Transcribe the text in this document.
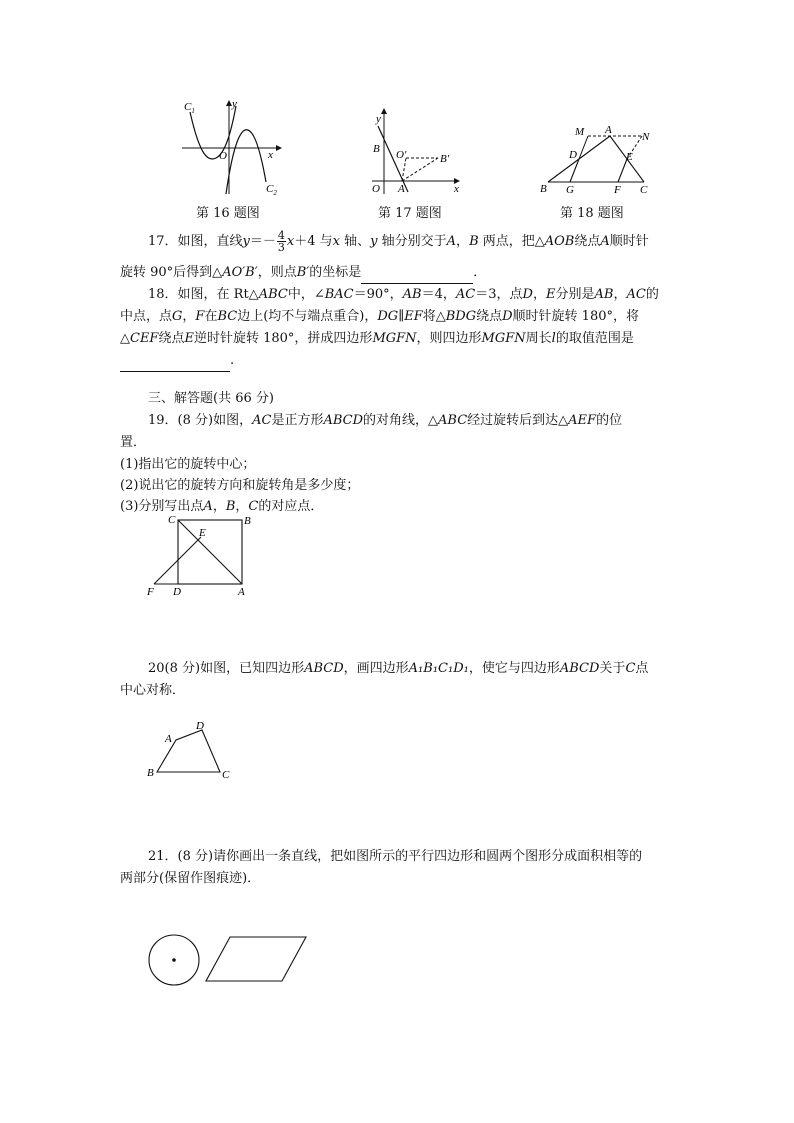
$C_1$
y
x
O
$C_2$
第 16 题图
y
x
O
B
A
O′	B′
第 17 题图
M A
N
D	E
B G	F C
第 18 题图
17．如图，直线$y=- \frac{4}{3} x+4$ 与x 轴、y 轴分别交于A，B 两点，把△AOB绕点A顺时针
旋转 90°后得到△AO′B′，则点B′的坐标是	．
18．如图，在 Rt△ABC中，∠BAC＝90°，AB＝4，AC＝3，点D，E分别是AB，AC的
中点，点G，F在BC边上(均不与端点重合)，DG∥EF将△BDG绕点D顺时针旋转 180°，将
△CEF绕点E逆时针旋转 180°，拼成四边形MGFN，则四边形MGFN周长l的取值范围是
.
三、解答题(共 66 分)
19．(8 分)如图，AC是正方形ABCD的对角线，△ABC经过旋转后到达△AEF的位
置．
(1)指出它的旋转中心；
(2)说出它的旋转方向和旋转角是多少度；
(3)分别写出点A，B，C的对应点．
C	B
E
F D	A
20(8 分)如图，已知四边形ABCD，画四边形A₁B₁C₁D₁，使它与四边形ABCD关于C点
中心对称．
A
D
B	C
21．(8 分)请你画出一条直线，把如图所示的平行四边形和圆两个图形分成面积相等的
两部分(保留作图痕迹)．
